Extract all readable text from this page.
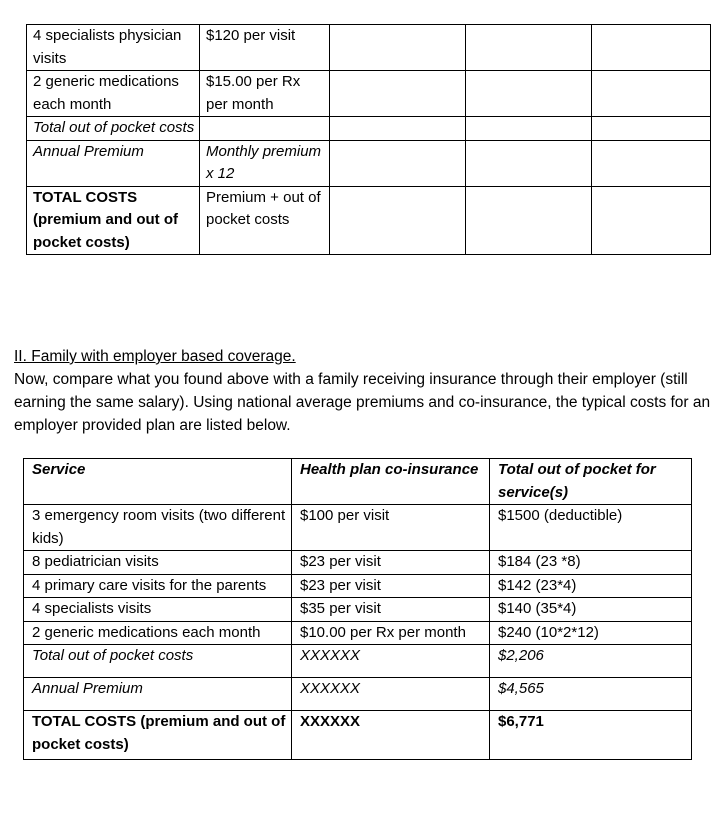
4 specialists physician visits	$120 per visit			
2 generic medications each month	$15.00 per Rx per month			
Total out of pocket costs				
Annual Premium	Monthly premium x 12			
TOTAL COSTS (premium and out of pocket costs)	Premium + out of pocket costs			

II. Family with employer based coverage.

Now, compare what you found above with a family receiving insurance through their employer (still earning the same salary). Using national average premiums and co-insurance, the typical costs for an employer provided plan are listed below.

Service	Health plan co-insurance	Total out of pocket for service(s)
3 emergency room visits (two different kids)	$100 per visit	$1500 (deductible)
8 pediatrician visits	$23 per visit	$184 (23 *8)
4 primary care visits for the parents	$23 per visit	$142 (23*4)
4 specialists visits	$35 per visit	$140 (35*4)
2 generic medications each month	$10.00 per Rx per month	$240 (10*2*12)
Total out of pocket costs	XXXXXX	$2,206
Annual Premium	XXXXXX	$4,565
TOTAL COSTS (premium and out of pocket costs)	XXXXXX	$6,771
